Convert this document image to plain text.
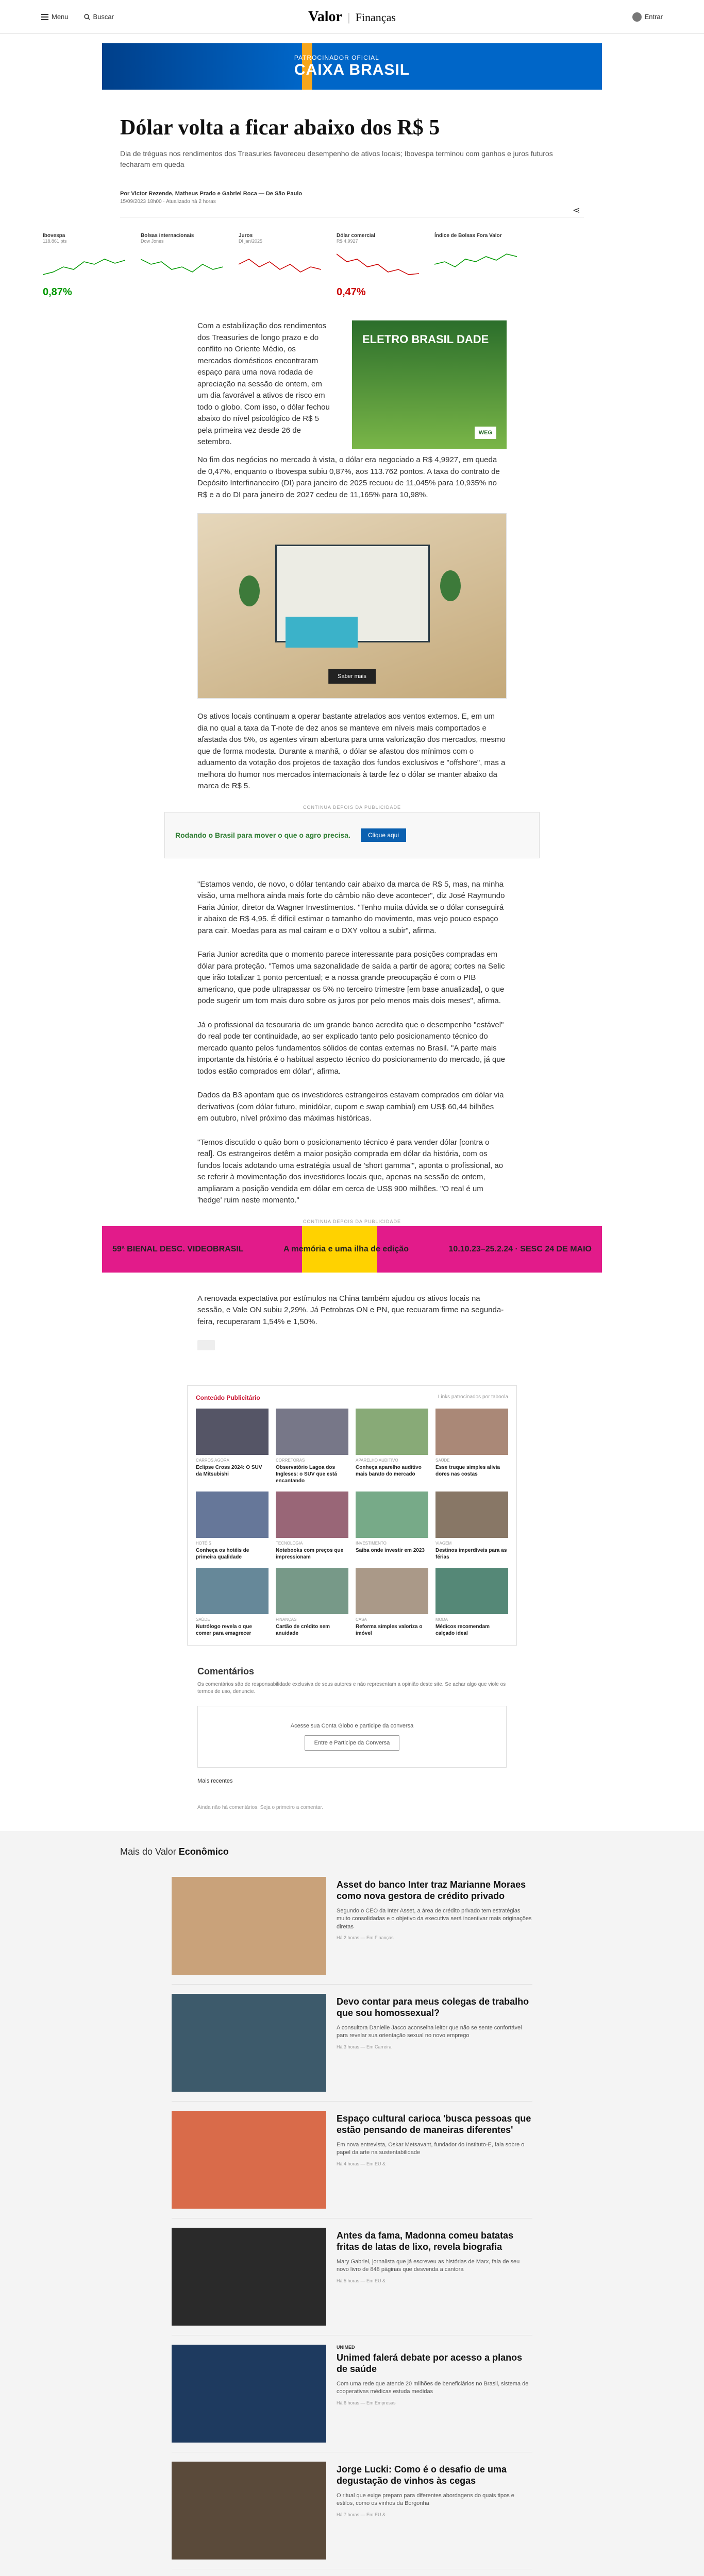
Menu	Buscar	Valor | Finanças	Entrar
PATROCINADOR OFICIAL
CAIXA BRASIL
Dólar volta a ficar abaixo dos R$ 5

Dia de tréguas nos rendimentos dos Treasuries favoreceu desempenho de ativos locais; Ibovespa terminou com ganhos e juros futuros fecharam em queda

Por Victor Rezende, Matheus Prado e Gabriel Roca — De São Paulo
15/09/2023 18h00 · Atualizado há 2 horas
Ibovespa
118.861 pts
0,87%
Bolsas internacionais
Dow Jones
Juros
DI jan/2025
Dólar comercial
R$ 4,9927
0,47%
Índice de Bolsas Fora Valor
⋖

Com a estabilização dos rendimentos dos Treasuries de longo prazo e do conflito no Oriente Médio, os mercados domésticos encontraram espaço para uma nova rodada de apreciação na sessão de ontem, em um dia favorável a ativos de risco em todo o globo. Com isso, o dólar fechou abaixo do nível psicológico de R$ 5 pela primeira vez desde 26 de setembro.

ELETRO BRASIL DADE
WEG

No fim dos negócios no mercado à vista, o dólar era negociado a R$ 4,9927, em queda de 0,47%, enquanto o Ibovespa subiu 0,87%, aos 113.762 pontos. A taxa do contrato de Depósito Interfinanceiro (DI) para janeiro de 2025 recuou de 11,045% para 10,935% no R$ e a do DI para janeiro de 2027 cedeu de 11,165% para 10,98%.

Saber mais

Os ativos locais continuam a operar bastante atrelados aos ventos externos. E, em um dia no qual a taxa da T-note de dez anos se manteve em níveis mais comportados e afastada dos 5%, os agentes viram abertura para uma valorização dos mercados, mesmo que de forma modesta. Durante a manhã, o dólar se afastou dos mínimos com o aduamento da votação dos projetos de taxação dos fundos exclusivos e "offshore", mas a melhora do humor nos mercados internacionais à tarde fez o dólar se manter abaixo da marca de R$ 5.

CONTINUA DEPOIS DA PUBLICIDADE
Rodando o Brasil para mover o que o agro precisa.	Clique aqui

"Estamos vendo, de novo, o dólar tentando cair abaixo da marca de R$ 5, mas, na minha visão, uma melhora ainda mais forte do câmbio não deve acontecer", diz José Raymundo Faria Júnior, diretor da Wagner Investimentos. "Tenho muita dúvida se o dólar conseguirá ir abaixo de R$ 4,95. É difícil estimar o tamanho do movimento, mas vejo pouco espaço para cair. Moedas para as mal cairam e o DXY voltou a subir", afirma.

Faria Junior acredita que o momento parece interessante para posições compradas em dólar para proteção. "Temos uma sazonalidade de saída a partir de agora; cortes na Selic que irão totalizar 1 ponto percentual; e a nossa grande preocupação é com o PIB americano, que pode ultrapassar os 5% no terceiro trimestre [em base anualizada], o que pode sugerir um tom mais duro sobre os juros por pelo menos mais dois meses", afirma.

Já o profissional da tesouraria de um grande banco acredita que o desempenho "estável" do real pode ter continuidade, ao ser explicado tanto pelo posicionamento técnico do mercado quanto pelos fundamentos sólidos de contas externas no Brasil. "A parte mais importante da história é o habitual aspecto técnico do posicionamento do mercado, já que todos estão comprados em dólar", afirma.

Dados da B3 apontam que os investidores estrangeiros estavam comprados em dólar via derivativos (com dólar futuro, minidólar, cupom e swap cambial) em US$ 60,44 bilhões em outubro, nível próximo das máximas históricas.

"Temos discutido o quão bom o posicionamento técnico é para vender dólar [contra o real]. Os estrangeiros detêm a maior posição comprada em dólar da história, com os fundos locais adotando uma estratégia usual de 'short gamma'", aponta o profissional, ao se referir à movimentação dos investidores locais que, apenas na sessão de ontem, ampliaram a posição vendida em dólar em cerca de US$ 900 milhões. "O real é um 'hedge' ruim neste momento."

CONTINUA DEPOIS DA PUBLICIDADE
59ª BIENAL DESC. VIDEOBRASIL	A memória e uma ilha de edição	10.10.23–25.2.24 · SESC 24 DE MAIO

A renovada expectativa por estímulos na China também ajudou os ativos locais na sessão, e Vale ON subiu 2,29%. Já Petrobras ON e PN, que recuaram firme na segunda-feira, recuperaram 1,54% e 1,50%.

Conteúdo Publicitário	Links patrocinados por taboola
CARROS AGORA
Eclipse Cross 2024: O SUV da Mitsubishi
CORRETORAS
Observatório Lagoa dos Ingleses: o SUV que está encantando
APARELHO AUDITIVO
Conheça aparelho auditivo mais barato do mercado
SAÚDE
Esse truque simples alivia dores nas costas
HOTÉIS
Conheça os hotéis de primeira qualidade
TECNOLOGIA
Notebooks com preços que impressionam
INVESTIMENTO
Saiba onde investir em 2023
VIAGEM
Destinos imperdíveis para as férias
SAÚDE
Nutrólogo revela o que comer para emagrecer
FINANÇAS
Cartão de crédito sem anuidade
CASA
Reforma simples valoriza o imóvel
MODA
Médicos recomendam calçado ideal
Comentários

Os comentários são de responsabilidade exclusiva de seus autores e não representam a opinião deste site. Se achar algo que viole os termos de uso, denuncie.

Acesse sua Conta Globo e participe da conversa
Entre e Participe da Conversa
Mais recentes
Ainda não há comentários. Seja o primeiro a comentar.
Mais do Valor Econômico
Asset do banco Inter traz Marianne Moraes como nova gestora de crédito privado

Segundo o CEO da Inter Asset, a área de crédito privado tem estratégias muito consolidadas e o objetivo da executiva será incentivar mais originações diretas

Há 2 horas — Em Finanças
Devo contar para meus colegas de trabalho que sou homossexual?

A consultora Danielle Jacco aconselha leitor que não se sente confortável para revelar sua orientação sexual no novo emprego

Há 3 horas — Em Carreira
Espaço cultural carioca 'busca pessoas que estão pensando de maneiras diferentes'

Em nova entrevista, Oskar Metsavaht, fundador do Instituto-E, fala sobre o papel da arte na sustentabilidade

Há 4 horas — Em EU &
Antes da fama, Madonna comeu batatas fritas de latas de lixo, revela biografia

Mary Gabriel, jornalista que já escreveu as histórias de Marx, fala de seu novo livro de 848 páginas que desvenda a cantora

Há 5 horas — Em EU &
UNIMED
Unimed falerá debate por acesso a planos de saúde

Com uma rede que atende 20 milhões de beneficiários no Brasil, sistema de cooperativas médicas estuda medidas

Há 6 horas — Em Empresas
Jorge Lucki: Como é o desafio de uma degustação de vinhos às cegas

O ritual que exige preparo para diferentes abordagens do quais tipos e estilos, como os vinhos da Borgonha

Há 7 horas — Em EU &
